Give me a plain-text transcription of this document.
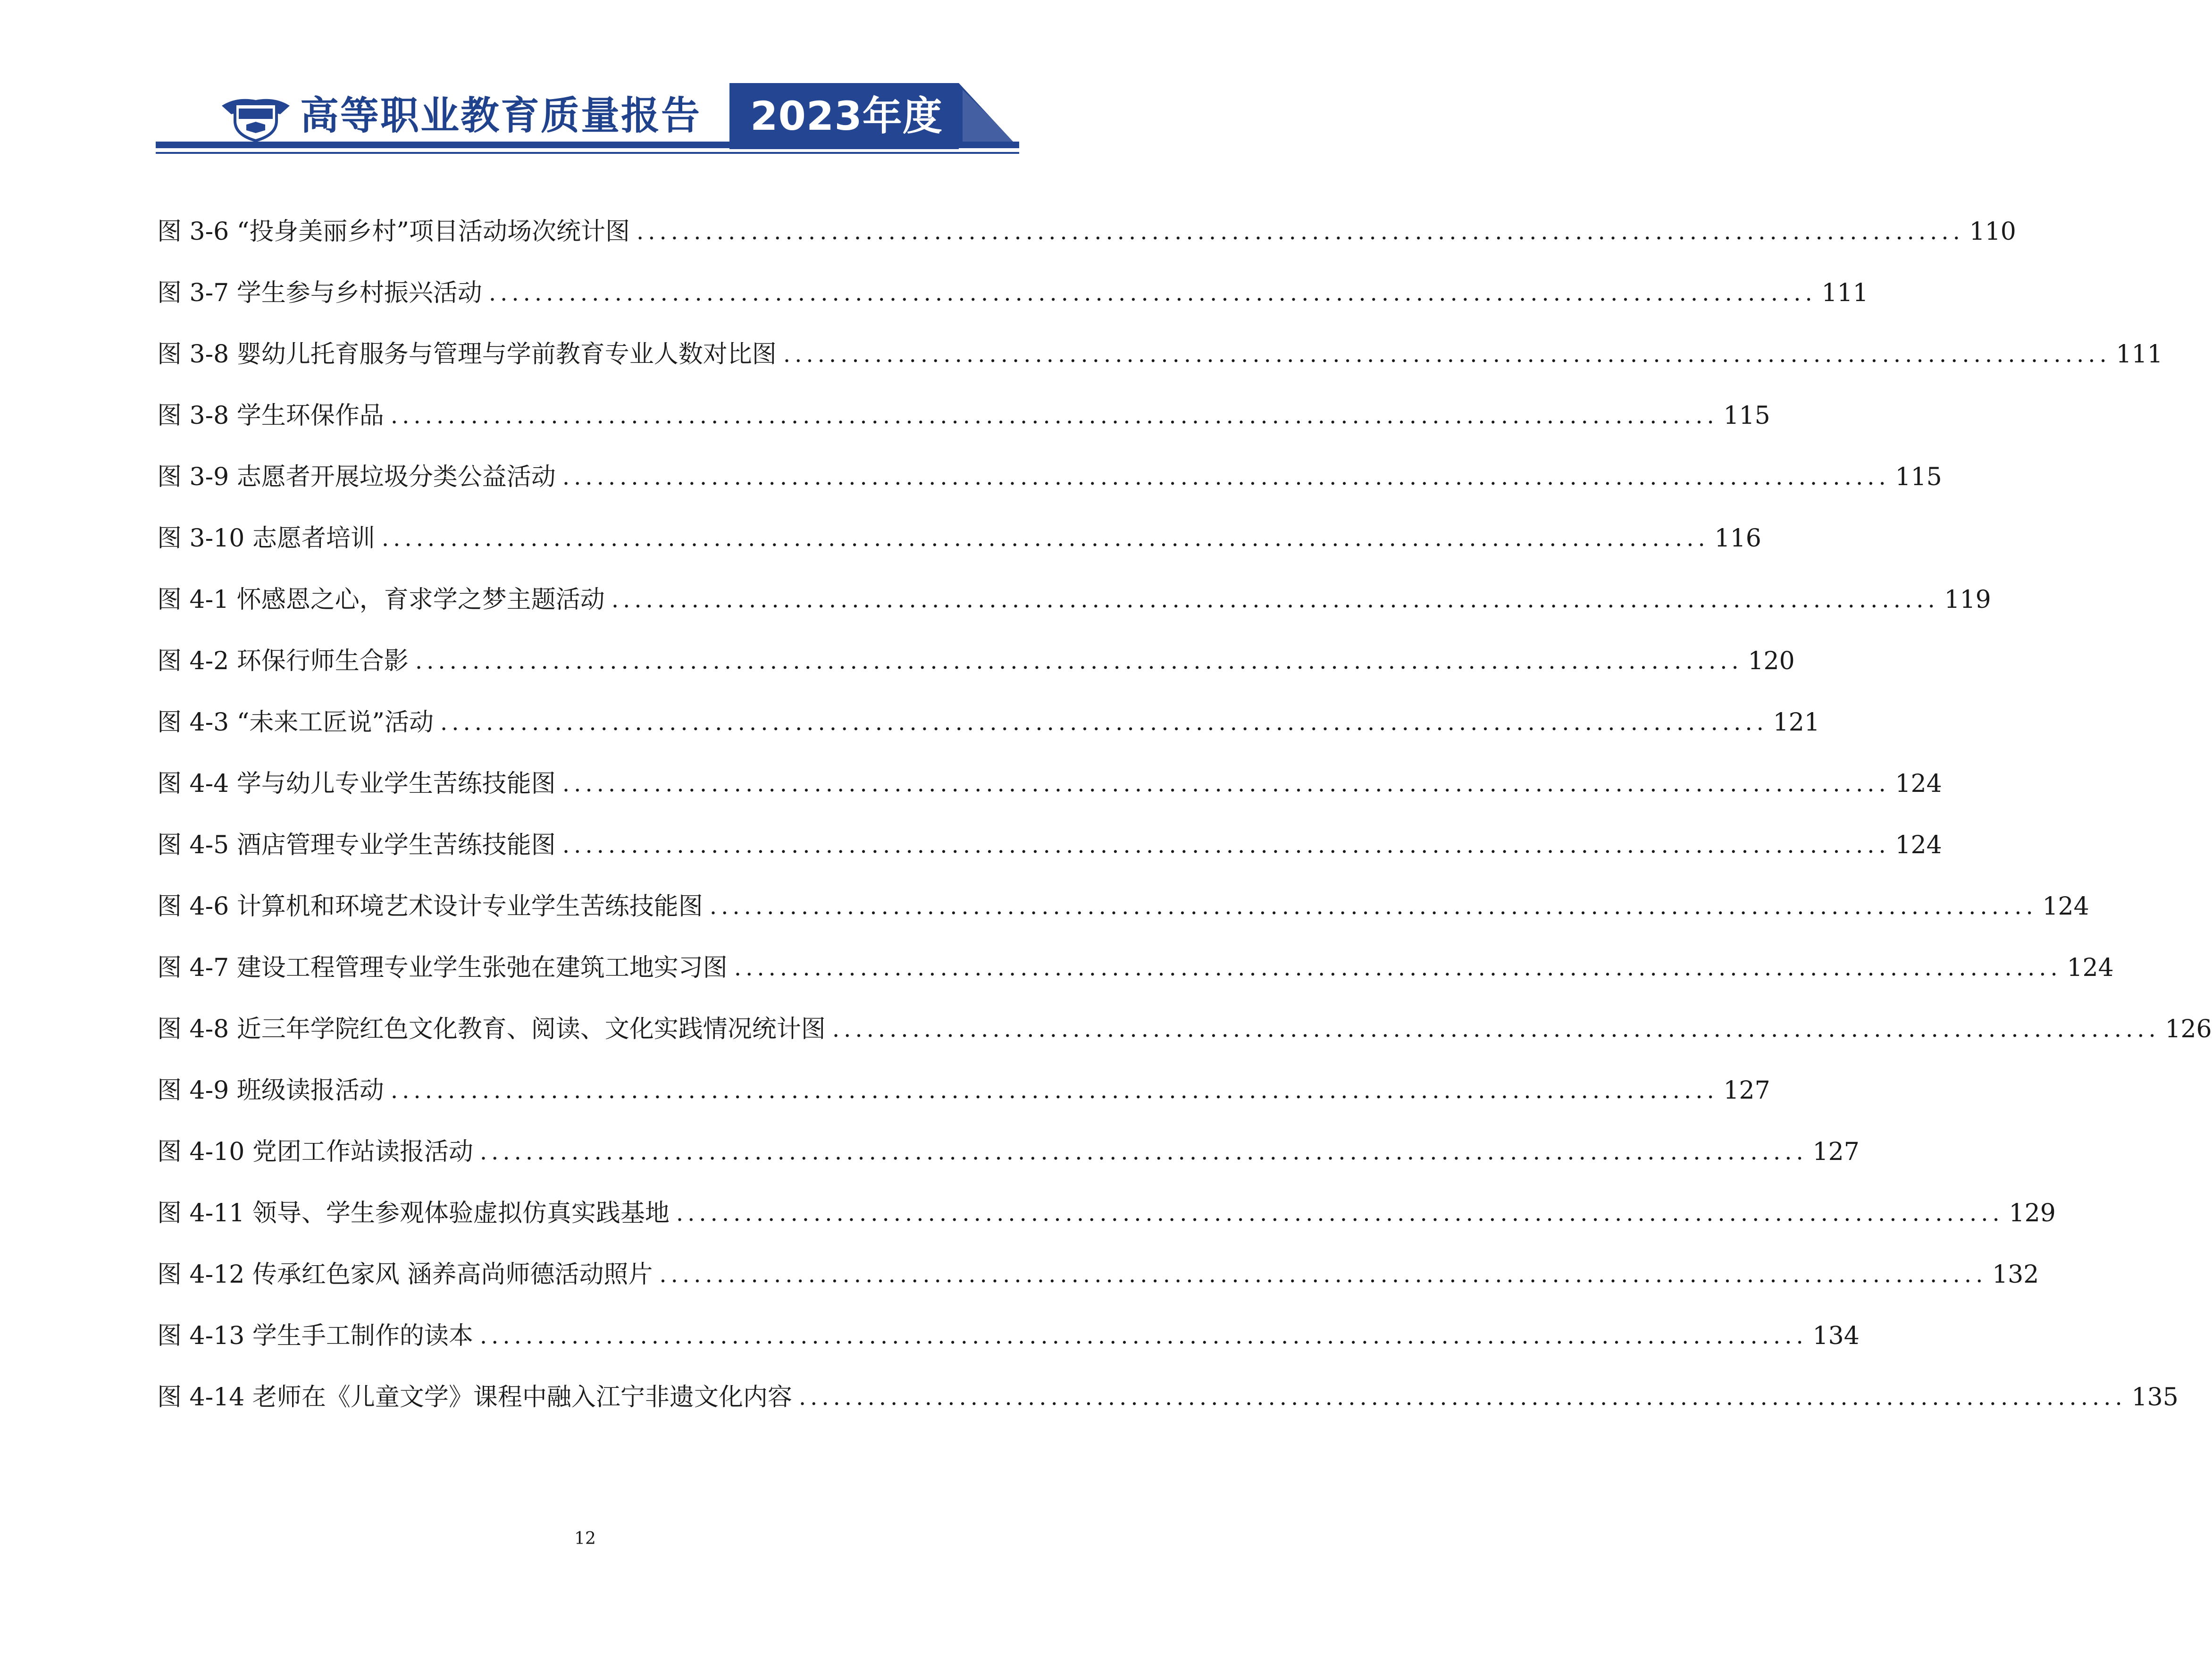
高等职业教育质量报告 2023年度
图 3-6 “投身美丽乡村”项目活动场次统计图 .................................................................................................................... 110
图 3-7 学生参与乡村振兴活动 .................................................................................................................... 111
图 3-8 婴幼儿托育服务与管理与学前教育专业人数对比图 .................................................................................................................... 111
图 3-8 学生环保作品 .................................................................................................................... 115
图 3-9 志愿者开展垃圾分类公益活动 .................................................................................................................... 115
图 3-10 志愿者培训 .................................................................................................................... 116
图 4-1 怀感恩之心，育求学之梦主题活动 .................................................................................................................... 119
图 4-2 环保行师生合影 .................................................................................................................... 120
图 4-3 “未来工匠说”活动 .................................................................................................................... 121
图 4-4 学与幼儿专业学生苦练技能图 .................................................................................................................... 124
图 4-5 酒店管理专业学生苦练技能图 .................................................................................................................... 124
图 4-6 计算机和环境艺术设计专业学生苦练技能图 .................................................................................................................... 124
图 4-7 建设工程管理专业学生张弛在建筑工地实习图 .................................................................................................................... 124
图 4-8 近三年学院红色文化教育、阅读、文化实践情况统计图 .................................................................................................................... 126
图 4-9 班级读报活动 .................................................................................................................... 127
图 4-10 党团工作站读报活动 .................................................................................................................... 127
图 4-11 领导、学生参观体验虚拟仿真实践基地 .................................................................................................................... 129
图 4-12 传承红色家风 涵养高尚师德活动照片 .................................................................................................................... 132
图 4-13 学生手工制作的读本 .................................................................................................................... 134
图 4-14 老师在《儿童文学》课程中融入江宁非遗文化内容 .................................................................................................................... 135
12
